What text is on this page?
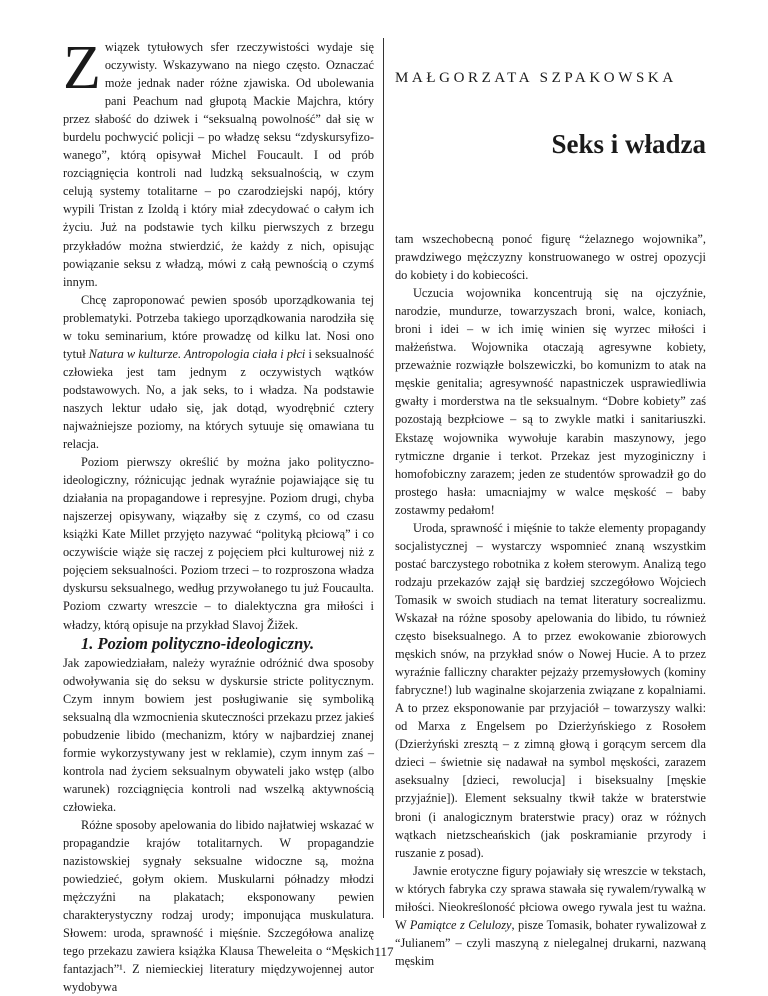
Związek tytułowych sfer rzeczywistości wydaje się oczywisty. Wskazywano na niego często. Oznaczać może jednak nader różne zjawiska. Od ubolewania pani Peachum nad głupotą Mackie Majchra, który przez słabość do dziwek i “seksualną powolność” dał się w burdelu pochwycić policji – po władzę seksu “zdyskursyfizo-wanego”, którą opisywał Michel Foucault. I od prób rozciągnięcia kontroli nad ludzką seksualnością, w czym celują systemy totalitarne – po czarodziejski napój, który wypili Tristan z Izoldą i który miał zdecydować o całym ich życiu. Już na podstawie tych kilku pierwszych z brzegu przykładów można stwierdzić, że każdy z nich, opisując powiązanie seksu z władzą, mówi z całą pewnością o czymś innym.

Chcę zaproponować pewien sposób uporządkowania tej problematyki. Potrzeba takiego uporządkowania narodziła się w toku seminarium, które prowadzę od kilku lat. Nosi ono tytuł Natura w kulturze. Antropologia ciała i płci i seksualność człowieka jest tam jednym z oczywistych wątków podstawowych. No, a jak seks, to i władza. Na podstawie naszych lektur udało się, jak dotąd, wyodrębnić cztery najważniejsze poziomy, na których sytuuje się omawiana tu relacja.

Poziom pierwszy określić by można jako polityczno-ideologiczny, różnicując jednak wyraźnie pojawiające się tu działania na propagandowe i represyjne. Poziom drugi, chyba najszerzej opisywany, wiązałby się z czymś, co od czasu książki Kate Millet przyjęto nazywać “polityką płciową” i co oczywiście wiąże się raczej z pojęciem płci kulturowej niż z pojęciem seksualności. Poziom trzeci – to rozproszona władza dyskursu seksualnego, według przywołanego tu już Foucaulta. Poziom czwarty wreszcie – to dialektyczna gra miłości i władzy, którą opisuje na przykład Slavoj Žižek.

1. Poziom polityczno-ideologiczny.

Jak zapowiedziałam, należy wyraźnie odróżnić dwa sposoby odwoływania się do seksu w dyskursie stricte politycznym. Czym innym bowiem jest posługiwanie się symboliką seksualną dla wzmocnienia skuteczności przekazu przez jakieś pobudzenie libido (mechanizm, który w najbardziej znanej formie wykorzystywany jest w reklamie), czym innym zaś – kontrola nad życiem seksualnym obywateli jako wstęp (albo warunek) rozciągnięcia kontroli nad wszelką aktywnością człowieka.

Różne sposoby apelowania do libido najłatwiej wskazać w propagandzie krajów totalitarnych. W propagandzie nazistowskiej sygnały seksualne widoczne są, można powiedzieć, gołym okiem. Muskularni półnadzy młodzi mężczyźni na plakatach; eksponowany pewien charakterystyczny rodzaj urody; imponująca muskulatura. Słowem: uroda, sprawność i mięśnie. Szczegółowa analizę tego przekazu zawiera książka Klausa Theweleita o “Męskich fantazjach”¹. Z niemieckiej literatury międzywojennej autor wydobywa

MAŁGORZATA SZPAKOWSKA
Seks i władza

tam wszechobecną ponoć figurę “żelaznego wojownika”, prawdziwego mężczyzny konstruowanego w ostrej opozycji do kobiety i do kobiecości.

Uczucia wojownika koncentrują się na ojczyźnie, narodzie, mundurze, towarzyszach broni, walce, koniach, broni i idei – w ich imię winien się wyrzec miłości i małżeństwa. Wojownika otaczają agresywne kobiety, przeważnie rozwiązłe bolszewiczki, bo komunizm to atak na męskie genitalia; agresywność napastniczek usprawiedliwia gwałty i morderstwa na tle seksualnym. “Dobre kobiety” zaś pozostają bezpłciowe – są to zwykle matki i sanitariuszki. Ekstazę wojownika wywołuje karabin maszynowy, jego rytmiczne drganie i terkot. Przekaz jest myzoginiczny i homofobiczny zarazem; jeden ze studentów sprowadził go do prostego hasła: umacniajmy w walce męskość – baby zostawmy pedałom!

Uroda, sprawność i mięśnie to także elementy propagandy socjalistycznej – wystarczy wspomnieć znaną wszystkim postać barczystego robotnika z kołem sterowym. Analizą tego rodzaju przekazów zajął się bardziej szczegółowo Wojciech Tomasik w swoich studiach na temat literatury socrealizmu. Wskazał na różne sposoby apelowania do libido, tu również często biseksualnego. A to przez ewokowanie zbiorowych męskich snów, na przykład snów o Nowej Hucie. A to przez wyraźnie falliczny charakter pejzaży przemysłowych (kominy fabryczne!) lub waginalne skojarzenia związane z kopalniami. A to przez eksponowanie par przyjaciół – towarzyszy walki: od Marxa z Engelsem po Dzierżyńskiego z Rosołem (Dzierżyński zresztą – z zimną głową i gorącym sercem dla dzieci – świetnie się nadawał na symbol męskości, zarazem aseksualny [dzieci, rewolucja] i biseksualny [męskie przyjaźnie]). Element seksualny tkwił także w braterstwie broni (i analogicznym braterstwie pracy) oraz w różnych wątkach nietzscheańskich (jak poskramianie przyrody i ruszanie z posad).

Jawnie erotyczne figury pojawiały się wreszcie w tekstach, w których fabryka czy sprawa stawała się rywalem/rywalką w miłości. Nieokreśloność płciowa owego rywala jest tu ważna. W Pamiątce z Celulozy, pisze Tomasik, bohater rywalizował z “Julianem” – czyli maszyną z nielegalnej drukarni, nazwaną męskim

117
